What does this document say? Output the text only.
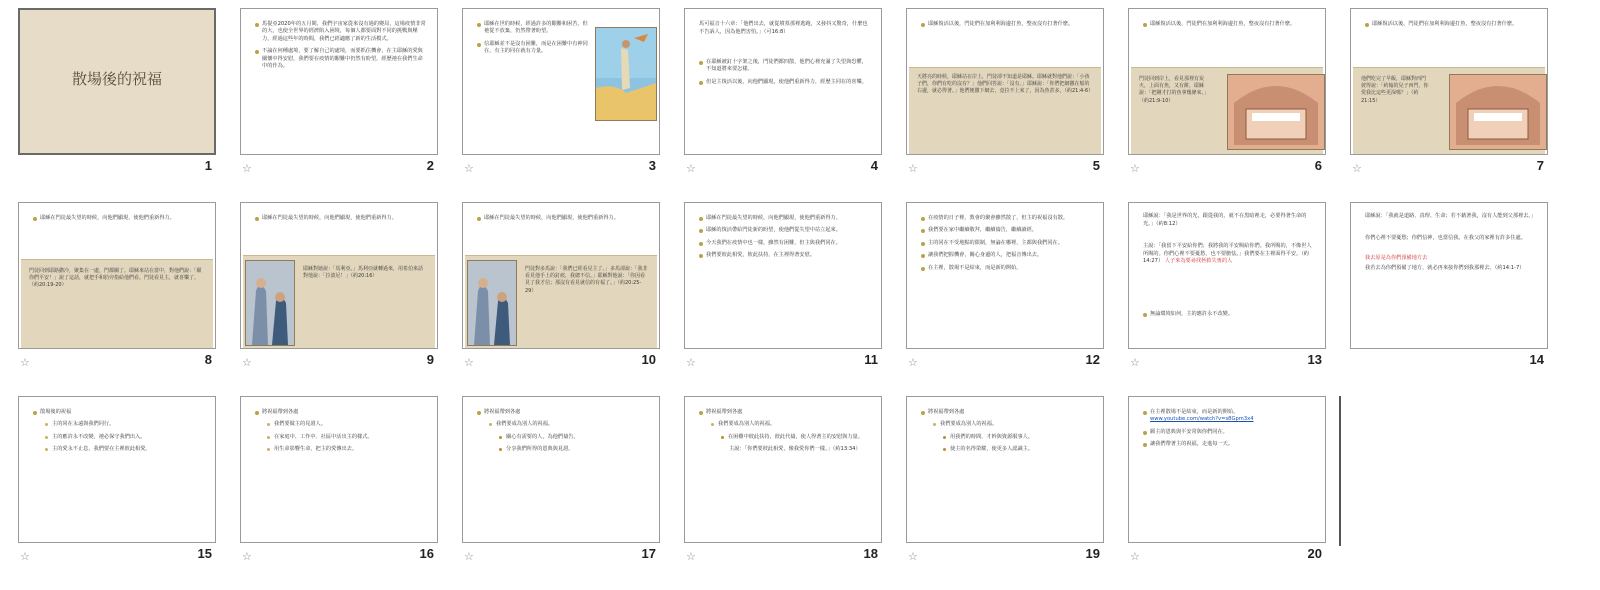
散場後的祝福
1
馬提亞2020年的五月間，我們宇宙家從來沒有過的變局，這場疫情非常的大，也使全世界的經濟陷入困境，每個人都要面對不同的挑戰與壓力，經過這些年的時間，我們已經適應了新的生活模式。
不論在何種處境，要了解自己的處境，而要抓住機會，在主耶穌的愛與關懷中得安慰，我們要在疫情的艱難中仍然有盼望，經歷祂在我們生命中的作為。
☆	2
耶穌在世的時候，經過許多的艱難和困苦，但祂從不放棄，仍然帶著盼望。
信耶穌並不是沒有困難，而是在困難中有神同在，有主的同在就有力量。
☆	3
馬可福音十六章：「他們出去，就從墳墓那裡逃跑，又發抖又驚奇，什麼也不告訴人，因為他們害怕。」（可16:8）
在耶穌被釘十字架之後，門徒們都四散，他們心裡充滿了失望與恐懼，不知道將來要怎樣。
但是主復活以後，向他們顯現，使他們重新得力，經歷主同在的喜樂。
☆	4
耶穌復活以後，門徒們在加利利海邊打魚，整夜沒有打著什麼。
天將亮的時候，耶穌站在岸上，門徒卻不知道是耶穌。耶穌就對他們說：「小孩子們，你們有吃的沒有？」他們回答說：「沒有。」耶穌說：「你們把網撒在船的右邊，就必得著。」他們便撒下網去，竟拉不上來了，因為魚甚多。（約21:4-6）
☆	5
耶穌復活以後，門徒們在加利利海邊打魚，整夜沒有打著什麼。
門徒回到岸上，看見那裡有炭火，上面有魚，又有餅，耶穌說：「把剛才打的魚拿幾條來。」（約21:9-10）
☆	6
耶穌復活以後，門徒們在加利利海邊打魚，整夜沒有打著什麼。
他們吃完了早飯，耶穌對西門彼得說：「約翰的兒子西門，你愛我比這些更深嗎？」（約21:15）
☆	7
耶穌在門徒最失望的時候，向他們顯現，使他們重新得力。
門徒回到耶路撒冷，聚集在一處，門都關了。耶穌來站在當中，對他們說：「願你們平安！」說了這話，就把手和肋旁指給他們看。門徒看見主，就喜樂了。（約20:19-20）
☆	8
耶穌在門徒最失望的時候，向他們顯現，使他們重新得力。
耶穌對她說：「馬利亞。」馬利亞就轉過來，用希伯來話對他說：「拉波尼！」（約20:16）
☆	9
耶穌在門徒最失望的時候，向他們顯現，使他們重新得力。
門徒對多馬說：「我們已經看見主了。」多馬卻說：「我非看見他手上的釘痕，我總不信。」耶穌對他說：「你因看見了我才信；那沒有看見就信的有福了。」（約20:25-29）
☆	10
耶穌在門徒最失望的時候，向他們顯現，使他們重新得力。
耶穌的復活帶給門徒新的盼望，使他們從失望中站立起來。
今天我們在疫情中也一樣，雖然有困難，但主與我們同在。
我們要彼此相愛，彼此扶持，在主裡得著安慰。
☆	11
在疫情的日子裡，教會的聚會雖然散了，但主的祝福沒有散。
我們要在家中繼續敬拜，繼續禱告，繼續讀經。
主的同在不受地點的限制，無論在哪裡，主都與我們同在。
讓我們把握機會，關心身邊的人，把福音傳出去。
在主裡，散場不是結束，而是新的開始。
☆	12
耶穌說：「我是世界的光，跟從我的，就不在黑暗裡走，必要得著生命的光。」（約8:12）
主說：「我留下平安給你們；我將我的平安賜給你們。我所賜的，不像世人所賜的。你們心裡不要憂愁，也不要膽怯。」我們要在主裡面得平安。（約14:27） 人子來為要尋找拯救失喪的人
無論環境如何，主的應許永不改變。
☆	13
耶穌說：「我就是道路、真理、生命；若不藉著我，沒有人能到父那裡去。」
你們心裡不要憂愁；你們信神，也當信我。在我父的家裡有許多住處。
我去原是為你們預備地方去
我若去為你們預備了地方，就必再來接你們到我那裡去。（約14:1-7）
14
散場後的祝福
主的同在永遠與我們同行。
主的應許永不改變，祂必保守我們出入。
主的愛永不止息，我們要在主裡彼此相愛。
☆	15
將祝福帶到各處
我們要做主的見證人。
在家庭中、工作中、社區中活出主的樣式。
用生命影響生命，把主的愛傳出去。
☆	16
將祝福帶到各處
我們要成為別人的祝福。
關心有需要的人，為他們禱告。
分享我們所得的恩典與見證。
☆	17
將祝福帶到各處
我們要成為別人的祝福。
在困難中彼此扶持，彼此代禱，使人得著主的安慰與力量。
主說：「你們要彼此相愛，像我愛你們一樣。」（約13:34）
☆	18
將祝福帶到各處
我們要成為別人的祝福。
用我們的時間、才幹與資源服事人。
使主的名得榮耀，使更多人認識主。
☆	19
在主裡散場不是結束，而是新的開始。
www.youtube.com/watch?v=s8Gpm3x4
願主的恩典與平安常與你們同在。
讓我們帶著主的祝福，走進每一天。
☆	20
